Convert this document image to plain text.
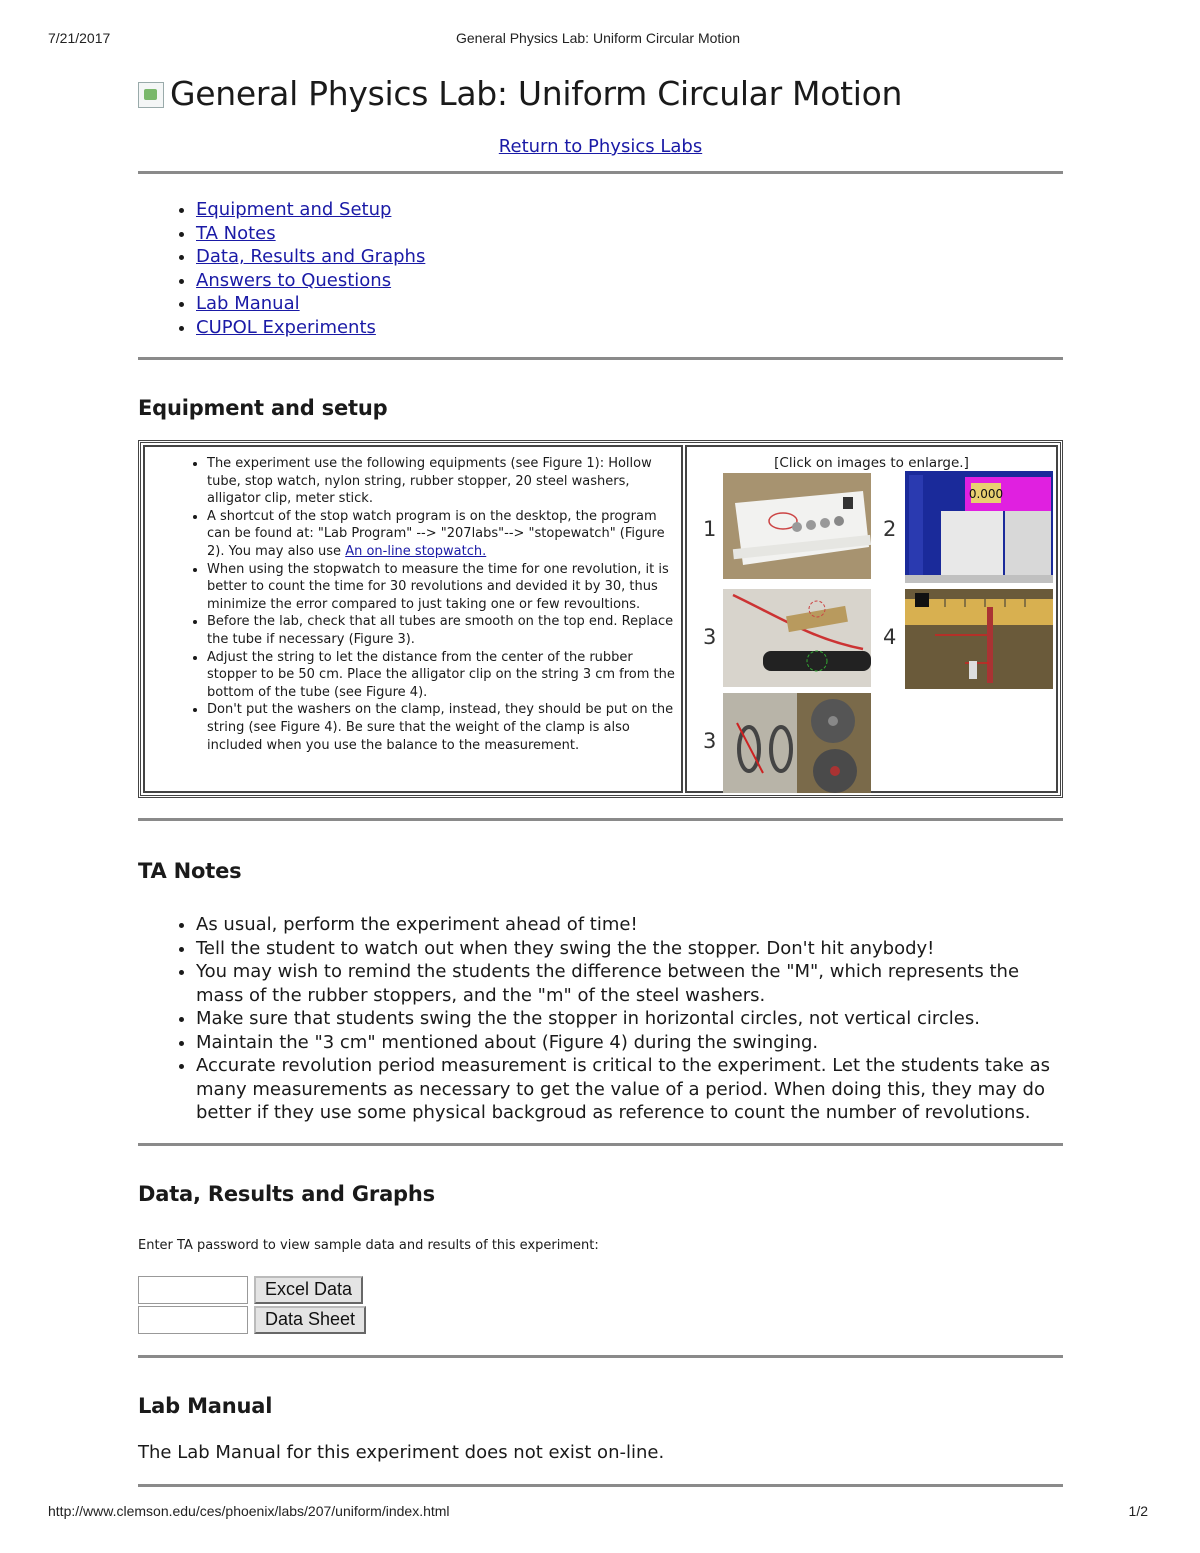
7/21/2017	General Physics Lab: Uniform Circular Motion
General Physics Lab: Uniform Circular Motion
Return to Physics Labs
• Equipment and Setup
• TA Notes
• Data, Results and Graphs
• Answers to Questions
• Lab Manual
• CUPOL Experiments
Equipment and setup
• The experiment use the following equipments (see Figure 1): Hollow tube, stop watch, nylon string, rubber stopper, 20 steel washers, alligator clip, meter stick.
• A shortcut of the stop watch program is on the desktop, the program can be found at: "Lab Program" --> "207labs"--> "stopewatch" (Figure 2). You may also use An on-line stopwatch.
• When using the stopwatch to measure the time for one revolution, it is better to count the time for 30 revolutions and devided it by 30, thus minimize the error compared to just taking one or few revoultions.
• Before the lab, check that all tubes are smooth on the top end. Replace the tube if necessary (Figure 3).
• Adjust the string to let the distance from the center of the rubber stopper to be 50 cm. Place the alligator clip on the string 3 cm from the bottom of the tube (see Figure 4).
• Don't put the washers on the clamp, instead, they should be put on the string (see Figure 4). Be sure that the weight of the clamp is also included when you use the balance to the measurement.
[Click on images to enlarge.]
1	2
0.000
3	4
3
TA Notes
• As usual, perform the experiment ahead of time!
• Tell the student to watch out when they swing the the stopper. Don't hit anybody!
• You may wish to remind the students the difference between the "M", which represents the mass of the rubber stoppers, and the "m" of the steel washers.
• Make sure that students swing the the stopper in horizontal circles, not vertical circles.
• Maintain the "3 cm" mentioned about (Figure 4) during the swinging.
• Accurate revolution period measurement is critical to the experiment. Let the students take as many measurements as necessary to get the value of a period. When doing this, they may do better if they use some physical backgroud as reference to count the number of revolutions.
Data, Results and Graphs
Enter TA password to view sample data and results of this experiment:
Excel Data
Data Sheet
Lab Manual
The Lab Manual for this experiment does not exist on-line.
http://www.clemson.edu/ces/phoenix/labs/207/uniform/index.html	1/2
